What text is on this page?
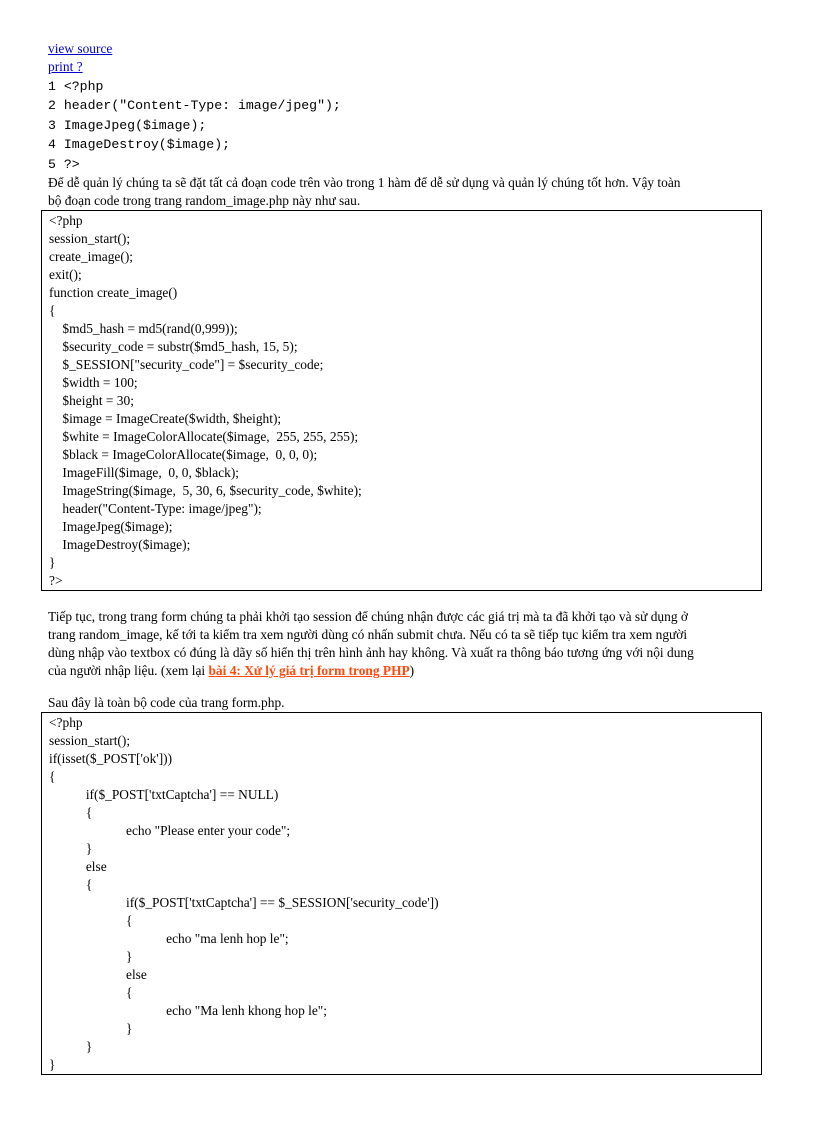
view source
print ?
1 <?php
2 header("Content-Type: image/jpeg");
3 ImageJpeg($image);
4 ImageDestroy($image);
5 ?>

Để dễ quản lý chúng ta sẽ đặt tất cả đoạn code trên vào trong 1 hàm để dễ sử dụng và quản lý chúng tốt hơn. Vậy toàn
bộ đoạn code trong trang random_image.php này như sau.

<?php
session_start();
create_image();
exit();
function create_image()
{
$md5_hash = md5(rand(0,999));
$security_code = substr($md5_hash, 15, 5);
$_SESSION["security_code"] = $security_code;
$width = 100;
$height = 30;
$image = ImageCreate($width, $height);
$white = ImageColorAllocate($image,  255, 255, 255);
$black = ImageColorAllocate($image,  0, 0, 0);
ImageFill($image,  0, 0, $black);
ImageString($image,  5, 30, 6, $security_code, $white);
header("Content-Type: image/jpeg");
ImageJpeg($image);
ImageDestroy($image);
}
?>

Tiếp tục, trong trang form chúng ta phải khởi tạo session để chúng nhận được các giá trị mà ta đã khởi tạo và sử dụng ở
trang random_image, kế tới ta kiểm tra xem người dùng có nhấn submit chưa. Nếu có ta sẽ tiếp tục kiểm tra xem người
dùng nhập vào textbox có đúng là dãy số hiển thị trên hình ảnh hay không. Và xuất ra thông báo tương ứng với nội dung
của người nhập liệu. (xem lại bài 4: Xử lý giá trị form trong PHP)

Sau đây là toàn bộ code của trang form.php.

<?php
session_start();
if(isset($_POST['ok']))
{
if($_POST['txtCaptcha'] == NULL)
{
echo "Please enter your code";
}
else
{
if($_POST['txtCaptcha'] == $_SESSION['security_code'])
{
echo "ma lenh hop le";
}
else
{
echo "Ma lenh khong hop le";
}
}
}
